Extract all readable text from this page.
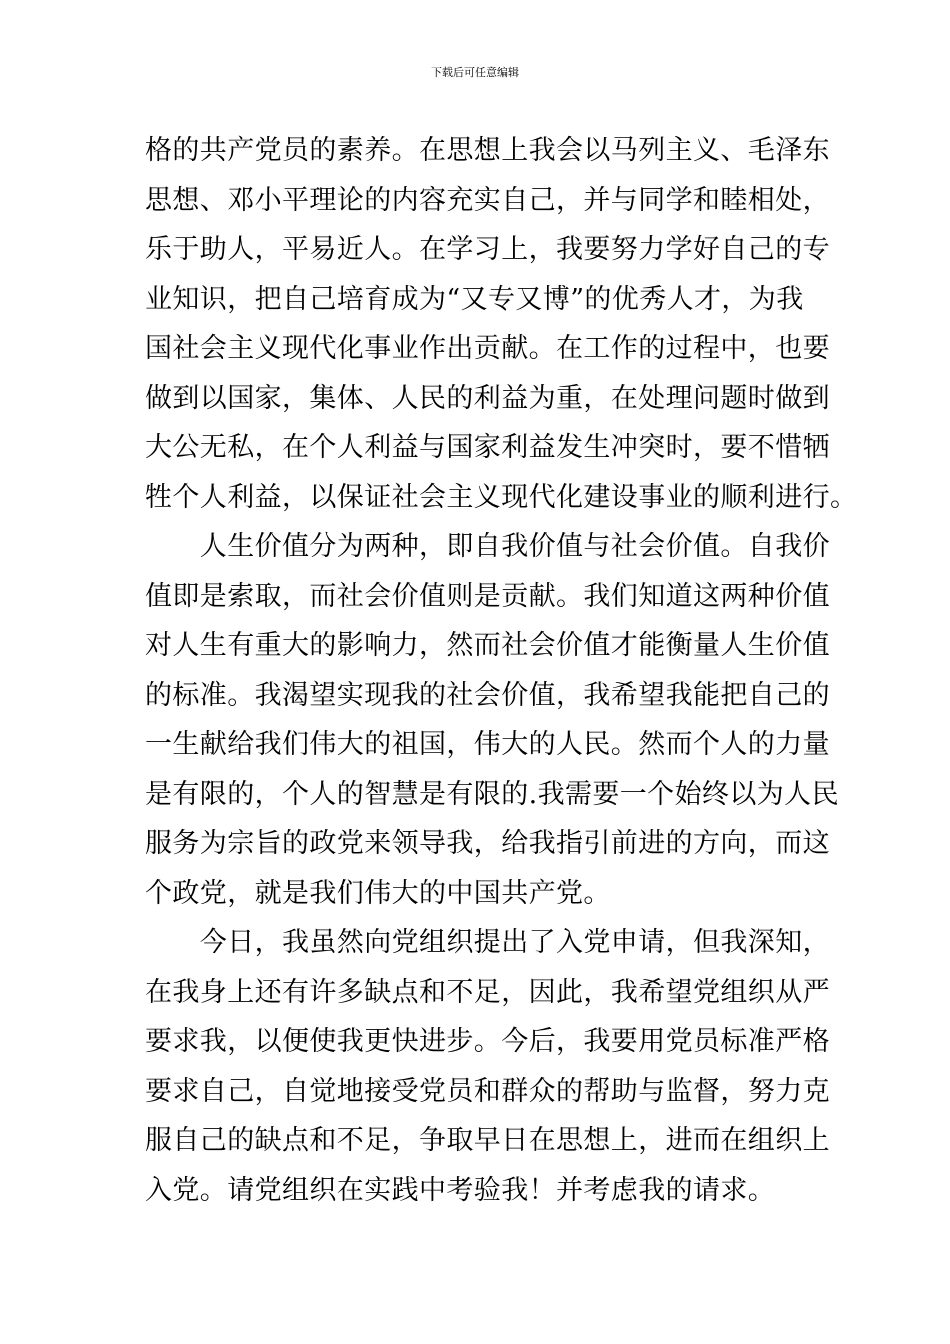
下载后可任意编辑
格的共产党员的素养。在思想上我会以马列主义、毛泽东
思想、邓小平理论的内容充实自己，并与同学和睦相处，
乐于助人，平易近人。在学习上，我要努力学好自己的专
业知识，把自己培育成为“又专又博”的优秀人才，为我
国社会主义现代化事业作出贡献。在工作的过程中，也要
做到以国家，集体、人民的利益为重，在处理问题时做到
大公无私，在个人利益与国家利益发生冲突时，要不惜牺
牲个人利益，以保证社会主义现代化建设事业的顺利进行。
　　人生价值分为两种，即自我价值与社会价值。自我价
值即是索取，而社会价值则是贡献。我们知道这两种价值
对人生有重大的影响力，然而社会价值才能衡量人生价值
的标准。我渴望实现我的社会价值，我希望我能把自己的
一生献给我们伟大的祖国，伟大的人民。然而个人的力量
是有限的，个人的智慧是有限的.我需要一个始终以为人民
服务为宗旨的政党来领导我，给我指引前进的方向，而这
个政党，就是我们伟大的中国共产党。
　　今日，我虽然向党组织提出了入党申请，但我深知，
在我身上还有许多缺点和不足，因此，我希望党组织从严
要求我，以便使我更快进步。今后，我要用党员标准严格
要求自己，自觉地接受党员和群众的帮助与监督，努力克
服自己的缺点和不足，争取早日在思想上，进而在组织上
入党。请党组织在实践中考验我！并考虑我的请求。
